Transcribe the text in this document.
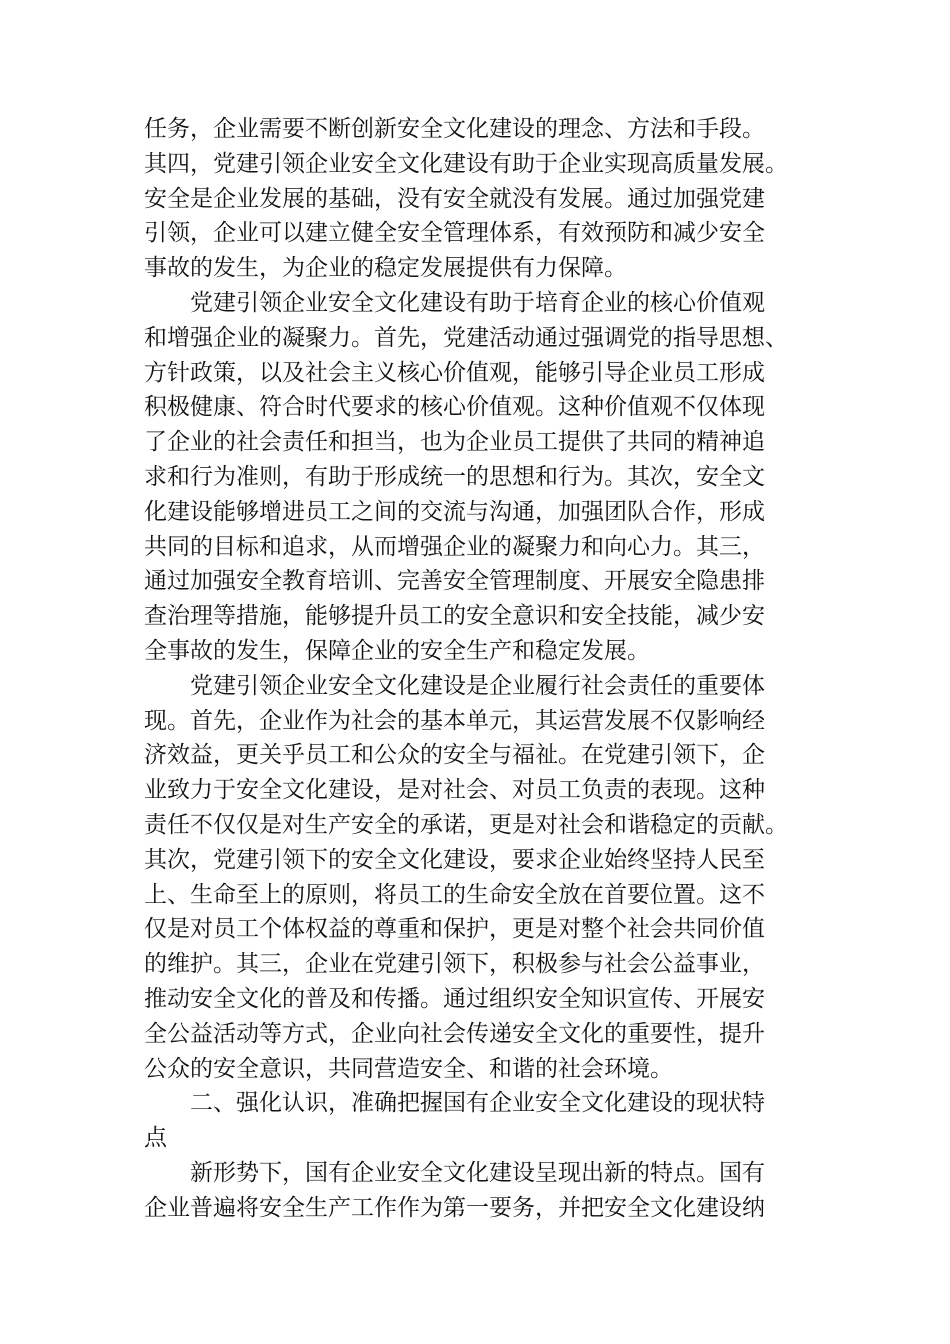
任务，企业需要不断创新安全文化建设的理念、方法和手段。
其四，党建引领企业安全文化建设有助于企业实现高质量发展。
安全是企业发展的基础，没有安全就没有发展。通过加强党建
引领，企业可以建立健全安全管理体系，有效预防和减少安全
事故的发生，为企业的稳定发展提供有力保障。
党建引领企业安全文化建设有助于培育企业的核心价值观
和增强企业的凝聚力。首先，党建活动通过强调党的指导思想、
方针政策，以及社会主义核心价值观，能够引导企业员工形成
积极健康、符合时代要求的核心价值观。这种价值观不仅体现
了企业的社会责任和担当，也为企业员工提供了共同的精神追
求和行为准则，有助于形成统一的思想和行为。其次，安全文
化建设能够增进员工之间的交流与沟通，加强团队合作，形成
共同的目标和追求，从而增强企业的凝聚力和向心力。其三，
通过加强安全教育培训、完善安全管理制度、开展安全隐患排
查治理等措施，能够提升员工的安全意识和安全技能，减少安
全事故的发生，保障企业的安全生产和稳定发展。
党建引领企业安全文化建设是企业履行社会责任的重要体
现。首先，企业作为社会的基本单元，其运营发展不仅影响经
济效益，更关乎员工和公众的安全与福祉。在党建引领下，企
业致力于安全文化建设，是对社会、对员工负责的表现。这种
责任不仅仅是对生产安全的承诺，更是对社会和谐稳定的贡献。
其次，党建引领下的安全文化建设，要求企业始终坚持人民至
上、生命至上的原则，将员工的生命安全放在首要位置。这不
仅是对员工个体权益的尊重和保护，更是对整个社会共同价值
的维护。其三，企业在党建引领下，积极参与社会公益事业，
推动安全文化的普及和传播。通过组织安全知识宣传、开展安
全公益活动等方式，企业向社会传递安全文化的重要性，提升
公众的安全意识，共同营造安全、和谐的社会环境。
二、强化认识，准确把握国有企业安全文化建设的现状特
点
新形势下，国有企业安全文化建设呈现出新的特点。国有
企业普遍将安全生产工作作为第一要务，并把安全文化建设纳
